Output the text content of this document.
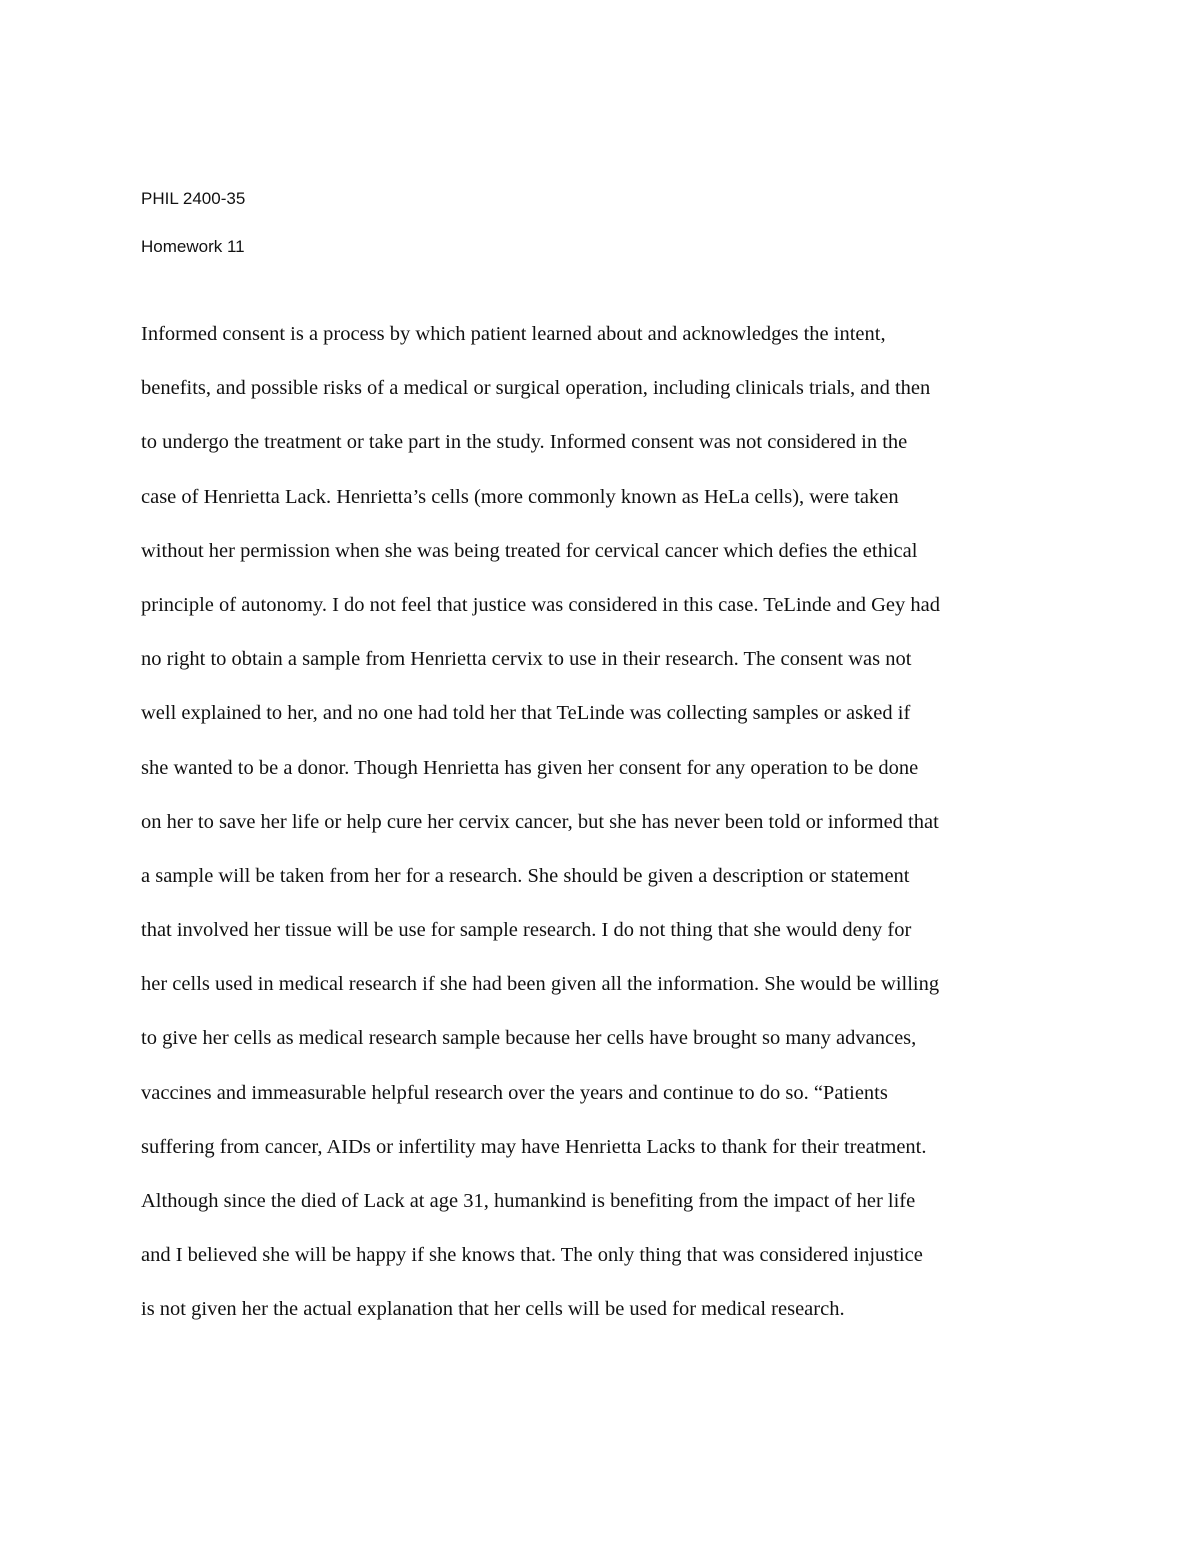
PHIL 2400-35
Homework 11
Informed consent is a process by which patient learned about and acknowledges the intent,
benefits, and possible risks of a medical or surgical operation, including clinicals trials, and then
to undergo the treatment or take part in the study. Informed consent was not considered in the
case of Henrietta Lack. Henrietta’s cells (more commonly known as HeLa cells), were taken
without her permission when she was being treated for cervical cancer which defies the ethical
principle of autonomy. I do not feel that justice was considered in this case. TeLinde and Gey had
no right to obtain a sample from Henrietta cervix to use in their research. The consent was not
well explained to her, and no one had told her that TeLinde was collecting samples or asked if
she wanted to be a donor. Though Henrietta has given her consent for any operation to be done
on her to save her life or help cure her cervix cancer, but she has never been told or informed that
a sample will be taken from her for a research. She should be given a description or statement
that involved her tissue will be use for sample research. I do not thing that she would deny for
her cells used in medical research if she had been given all the information. She would be willing
to give her cells as medical research sample because her cells have brought so many advances,
vaccines and immeasurable helpful research over the years and continue to do so. “Patients
suffering from cancer, AIDs or infertility may have Henrietta Lacks to thank for their treatment.
Although since the died of Lack at age 31, humankind is benefiting from the impact of her life
and I believed she will be happy if she knows that. The only thing that was considered injustice
is not given her the actual explanation that her cells will be used for medical research.
